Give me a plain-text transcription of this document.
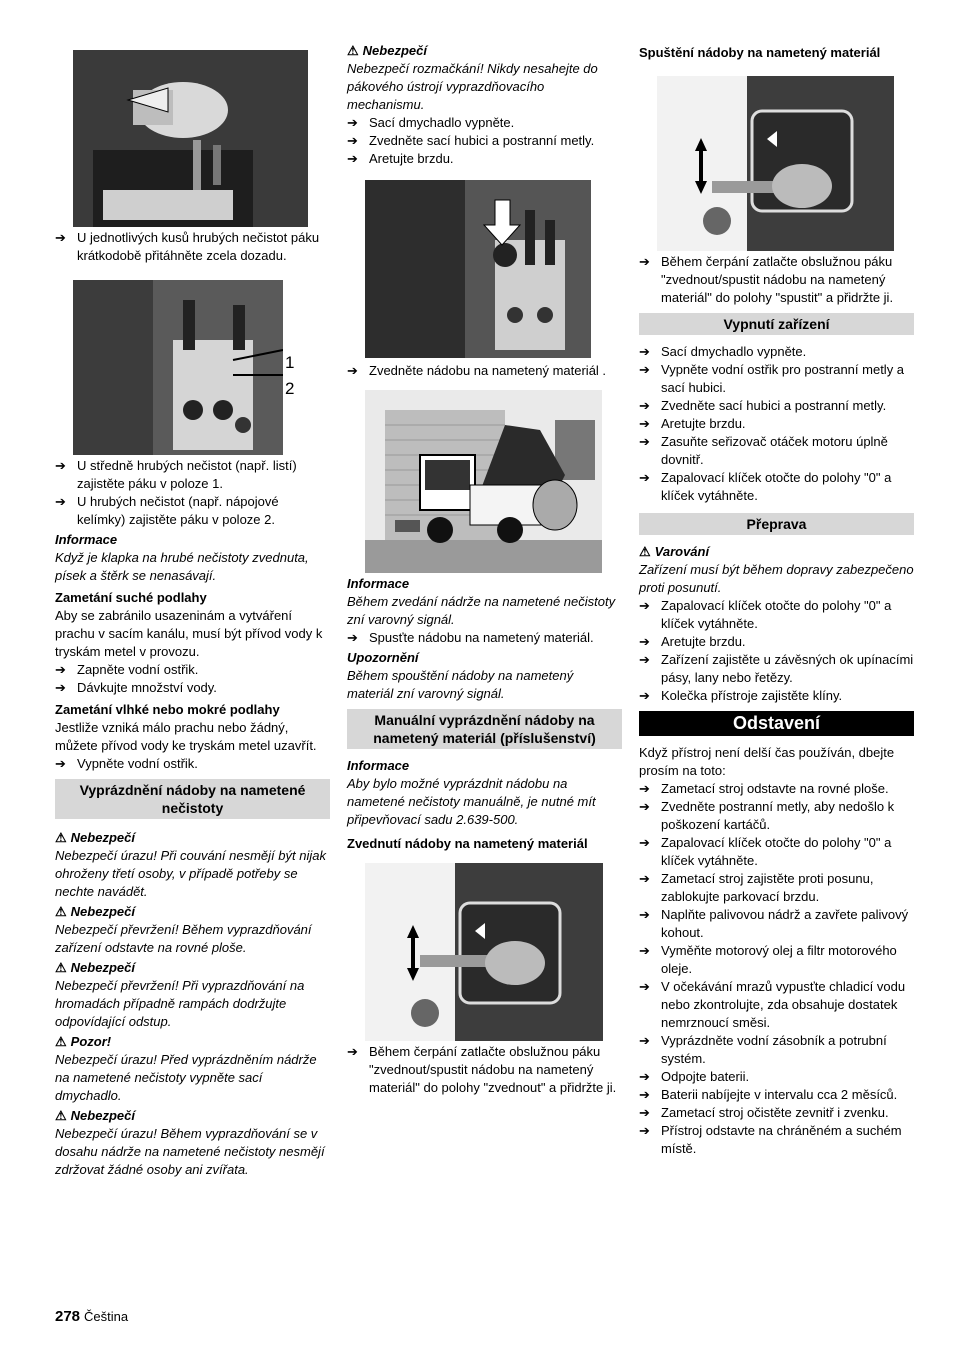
➔ U jednotlivých kusů hrubých nečistot páku krátkodobě přitáhněte zcela dozadu.
1
2
➔ U středně hrubých nečistot (např. listí) zajistěte páku v poloze 1.
➔ U hrubých nečistot (např. nápojové kelímky) zajistěte páku v poloze 2.
Informace
Když je klapka na hrubé nečistoty zvednuta, písek a štěrk se nenasávají.
Zametání suché podlahy

Aby se zabránilo usazeninám a vytváření prachu v sacím kanálu, musí být přívod vody k tryskám metel v provozu.

➔ Zapněte vodní ostřik.
➔ Dávkujte množství vody.
Zametání vlhké nebo mokré podlahy

Jestliže vzniká málo prachu nebo žádný, můžete přívod vody ke tryskám metel uzavřít.

➔ Vypněte vodní ostřik.
Vyprázdnění nádoby na nametené nečistoty
⚠ Nebezpečí
Nebezpečí úrazu! Při couvání nesmějí být nijak ohroženy třetí osoby, v případě potřeby se nechte navádět.
⚠ Nebezpečí
Nebezpečí převržení! Během vyprazdňování zařízení odstavte na rovné ploše.
⚠ Nebezpečí
Nebezpečí převržení! Při vyprazdňování na hromadách případně rampách dodržujte odpovídající odstup.
⚠ Pozor!
Nebezpečí úrazu! Před vyprázdněním nádrže na nametené nečistoty vypněte sací dmychadlo.
⚠ Nebezpečí
Nebezpečí úrazu! Během vyprazdňování se v dosahu nádrže na nametené nečistoty nesmějí zdržovat žádné osoby ani zvířata.
⚠ Nebezpečí
Nebezpečí rozmačkání! Nikdy nesahejte do pákového ústrojí vyprazdňovacího mechanismu.
➔ Sací dmychadlo vypněte.
➔ Zvedněte sací hubici a postranní metly.
➔ Aretujte brzdu.
➔ Zvedněte nádobu na nametený materiál .
Informace
Během zvedání nádrže na nametené nečistoty zní varovný signál.
➔ Spusťte nádobu na nametený materiál.
Upozornění
Během spouštění nádoby na nametený materiál zní varovný signál.
Manuální vyprázdnění nádoby na nametený materiál (příslušenství)
Informace
Aby bylo možné vyprázdnit nádobu na nametené nečistoty manuálně, je nutné mít připevňovací sadu 2.639-500.
Zvednutí nádoby na nametený materiál
➔ Během čerpání zatlačte obslužnou páku "zvednout/spustit nádobu na nametený materiál" do polohy "zvednout" a přidržte ji.
Spuštění nádoby na nametený materiál
➔ Během čerpání zatlačte obslužnou páku "zvednout/spustit nádobu na nametený materiál" do polohy "spustit" a přidržte ji.
Vypnutí zařízení
➔ Sací dmychadlo vypněte.
➔ Vypněte vodní ostřik pro postranní metly a sací hubici.
➔ Zvedněte sací hubici a postranní metly.
➔ Aretujte brzdu.
➔ Zasuňte seřizovač otáček motoru úplně dovnitř.
➔ Zapalovací klíček otočte do polohy "0" a klíček vytáhněte.
Přeprava
⚠ Varování
Zařízení musí být během dopravy zabezpečeno proti posunutí.
➔ Zapalovací klíček otočte do polohy "0" a klíček vytáhněte.
➔ Aretujte brzdu.
➔ Zařízení zajistěte u závěsných ok upínacími pásy, lany nebo řetězy.
➔ Kolečka přístroje zajistěte klíny.
Odstavení

Když přístroj není delší čas používán, dbejte prosím na toto:

➔ Zametací stroj odstavte na rovné ploše.
➔ Zvedněte postranní metly, aby nedošlo k poškození kartáčů.
➔ Zapalovací klíček otočte do polohy "0" a klíček vytáhněte.
➔ Zametací stroj zajistěte proti posunu, zablokujte parkovací brzdu.
➔ Naplňte palivovou nádrž a zavřete palivový kohout.
➔ Vyměňte motorový olej a filtr motorového oleje.
➔ V očekávání mrazů vypusťte chladicí vodu nebo zkontrolujte, zda obsahuje dostatek nemrznoucí směsi.
➔ Vyprázdněte vodní zásobník a potrubní systém.
➔ Odpojte baterii.
➔ Baterii nabíjejte v intervalu cca 2 měsíců.
➔ Zametací stroj očistěte zevnitř i zvenku.
➔ Přístroj odstavte na chráněném a suchém místě.
278 Čeština
